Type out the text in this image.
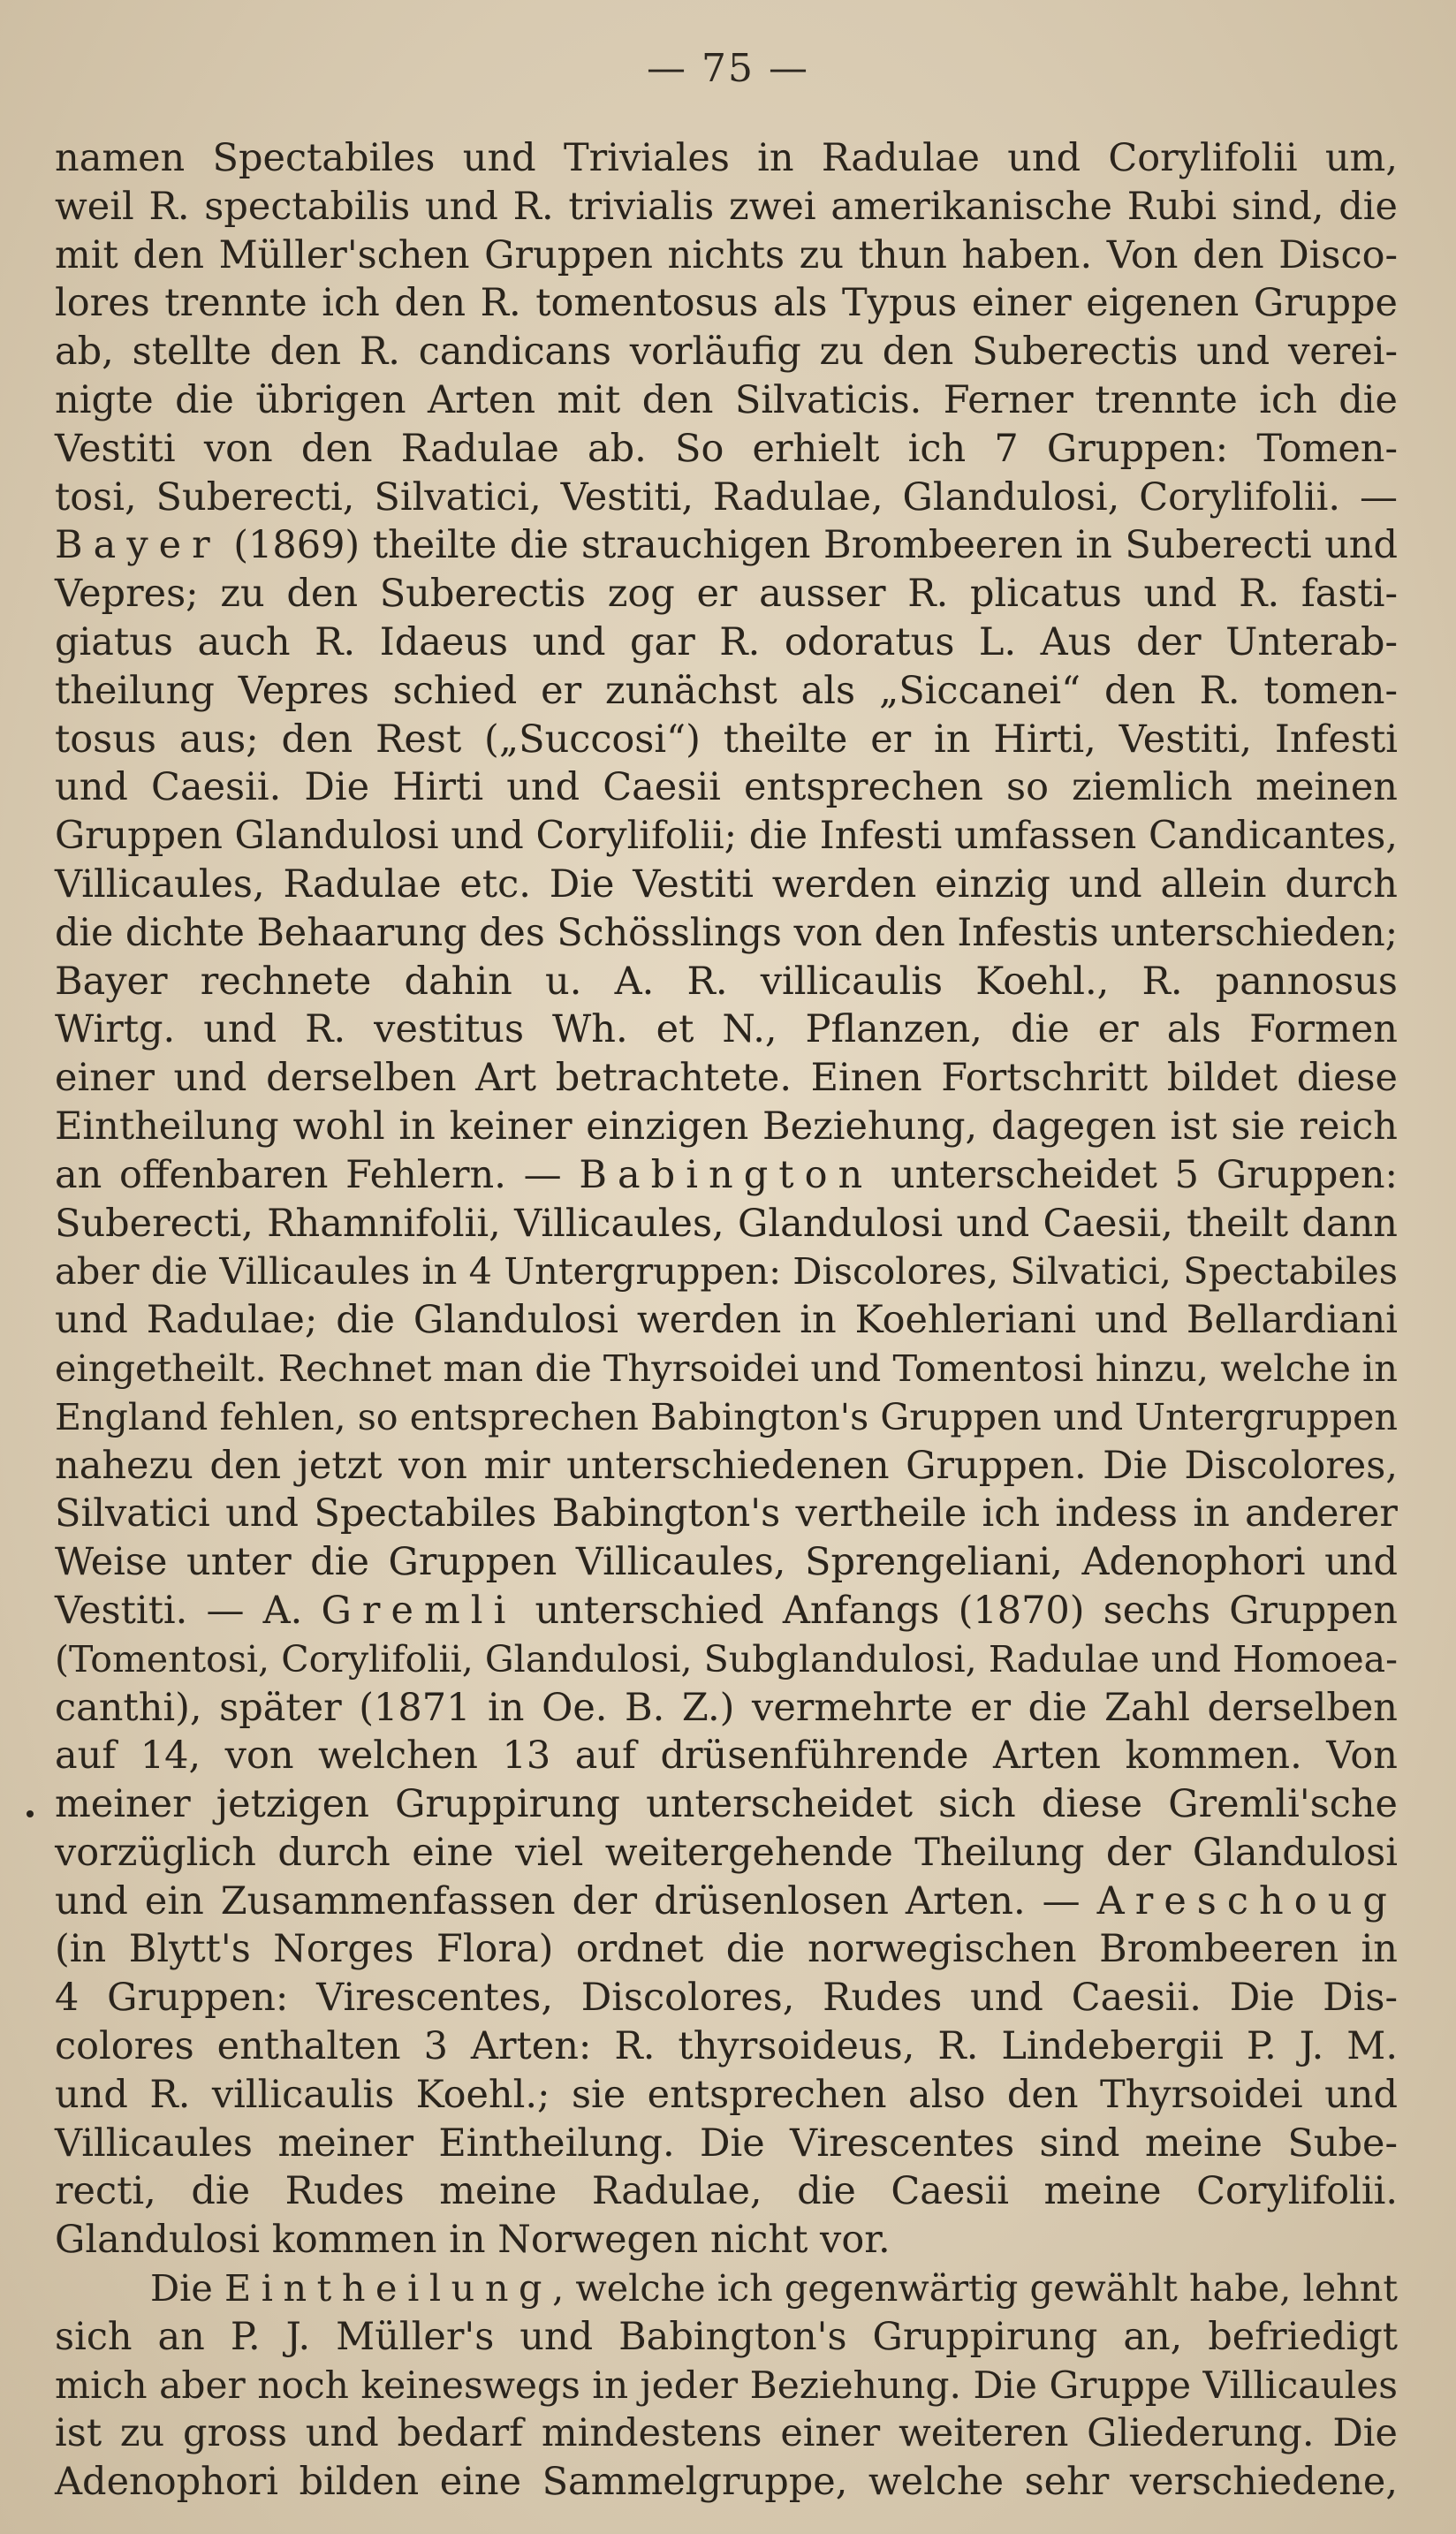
— 75 —
namen Spectabiles und Triviales in Radulae und Corylifolii um,
weil R. spectabilis und R. trivialis zwei amerikanische Rubi sind, die
mit den Müller'schen Gruppen nichts zu thun haben. Von den Disco-
lores trennte ich den R. tomentosus als Typus einer eigenen Gruppe
ab, stellte den R. candicans vorläufig zu den Suberectis und verei-
nigte die übrigen Arten mit den Silvaticis. Ferner trennte ich die
Vestiti von den Radulae ab. So erhielt ich 7 Gruppen: Tomen-
tosi, Suberecti, Silvatici, Vestiti, Radulae, Glandulosi, Corylifolii. —
Bayer (1869) theilte die strauchigen Brombeeren in Suberecti und
Vepres; zu den Suberectis zog er ausser R. plicatus und R. fasti-
giatus auch R. Idaeus und gar R. odoratus L. Aus der Unterab-
theilung Vepres schied er zunächst als „Siccanei“ den R. tomen-
tosus aus; den Rest („Succosi“) theilte er in Hirti, Vestiti, Infesti
und Caesii. Die Hirti und Caesii entsprechen so ziemlich meinen
Gruppen Glandulosi und Corylifolii; die Infesti umfassen Candicantes,
Villicaules, Radulae etc. Die Vestiti werden einzig und allein durch
die dichte Behaarung des Schösslings von den Infestis unterschieden;
Bayer rechnete dahin u. A. R. villicaulis Koehl., R. pannosus
Wirtg. und R. vestitus Wh. et N., Pflanzen, die er als Formen
einer und derselben Art betrachtete. Einen Fortschritt bildet diese
Eintheilung wohl in keiner einzigen Beziehung, dagegen ist sie reich
an offenbaren Fehlern. — Babington unterscheidet 5 Gruppen:
Suberecti, Rhamnifolii, Villicaules, Glandulosi und Caesii, theilt dann
aber die Villicaules in 4 Untergruppen: Discolores, Silvatici, Spectabiles
und Radulae; die Glandulosi werden in Koehleriani und Bellardiani
eingetheilt. Rechnet man die Thyrsoidei und Tomentosi hinzu, welche in
England fehlen, so entsprechen Babington's Gruppen und Untergruppen
nahezu den jetzt von mir unterschiedenen Gruppen. Die Discolores,
Silvatici und Spectabiles Babington's vertheile ich indess in anderer
Weise unter die Gruppen Villicaules, Sprengeliani, Adenophori und
Vestiti. — A. Gremli unterschied Anfangs (1870) sechs Gruppen
(Tomentosi, Corylifolii, Glandulosi, Subglandulosi, Radulae und Homoea-
canthi), später (1871 in Oe. B. Z.) vermehrte er die Zahl derselben
auf 14, von welchen 13 auf drüsenführende Arten kommen. Von
meiner jetzigen Gruppirung unterscheidet sich diese Gremli'sche
vorzüglich durch eine viel weitergehende Theilung der Glandulosi
und ein Zusammenfassen der drüsenlosen Arten. — Areschoug
(in Blytt's Norges Flora) ordnet die norwegischen Brombeeren in
4 Gruppen: Virescentes, Discolores, Rudes und Caesii. Die Dis-
colores enthalten 3 Arten: R. thyrsoideus, R. Lindebergii P. J. M.
und R. villicaulis Koehl.; sie entsprechen also den Thyrsoidei und
Villicaules meiner Eintheilung. Die Virescentes sind meine Sube-
recti, die Rudes meine Radulae, die Caesii meine Corylifolii.
Glandulosi kommen in Norwegen nicht vor.
Die Eintheilung, welche ich gegenwärtig gewählt habe, lehnt
sich an P. J. Müller's und Babington's Gruppirung an, befriedigt
mich aber noch keineswegs in jeder Beziehung. Die Gruppe Villicaules
ist zu gross und bedarf mindestens einer weiteren Gliederung. Die
Adenophori bilden eine Sammelgruppe, welche sehr verschiedene,
